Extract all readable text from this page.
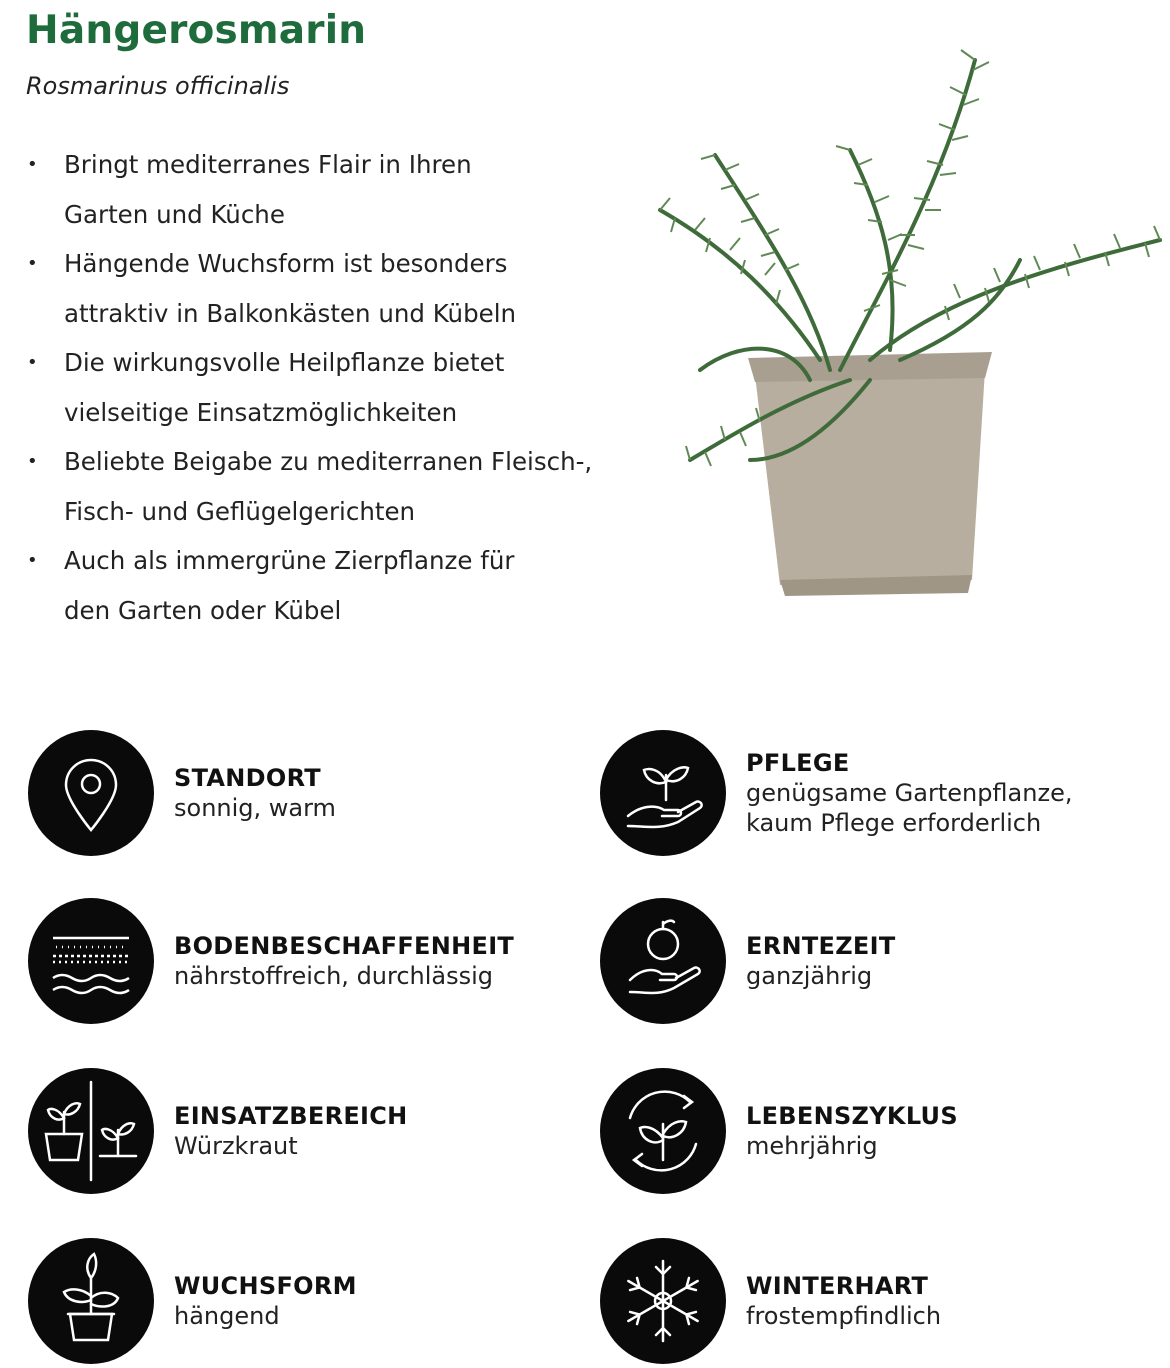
Hängerosmarin

Rosmarinus officinalis

• Bringt mediterranes Flair in Ihren
Garten und Küche
• Hängende Wuchsform ist besonders
attraktiv in Balkonkästen und Kübeln
• Die wirkungsvolle Heilpflanze bietet
vielseitige Einsatzmöglichkeiten
• Beliebte Beigabe zu mediterranen Fleisch-,
Fisch- und Geflügelgerichten
• Auch als immergrüne Zierpflanze für
den Garten oder Kübel
STANDORT
sonnig, warm
PFLEGE
genügsame Gartenpflanze,
kaum Pflege erforderlich
BODENBESCHAFFENHEIT
nährstoffreich, durchlässig
ERNTEZEIT
ganzjährig
EINSATZBEREICH
Würzkraut
LEBENSZYKLUS
mehrjährig
WUCHSFORM
hängend
WINTERHART
frostempfindlich
